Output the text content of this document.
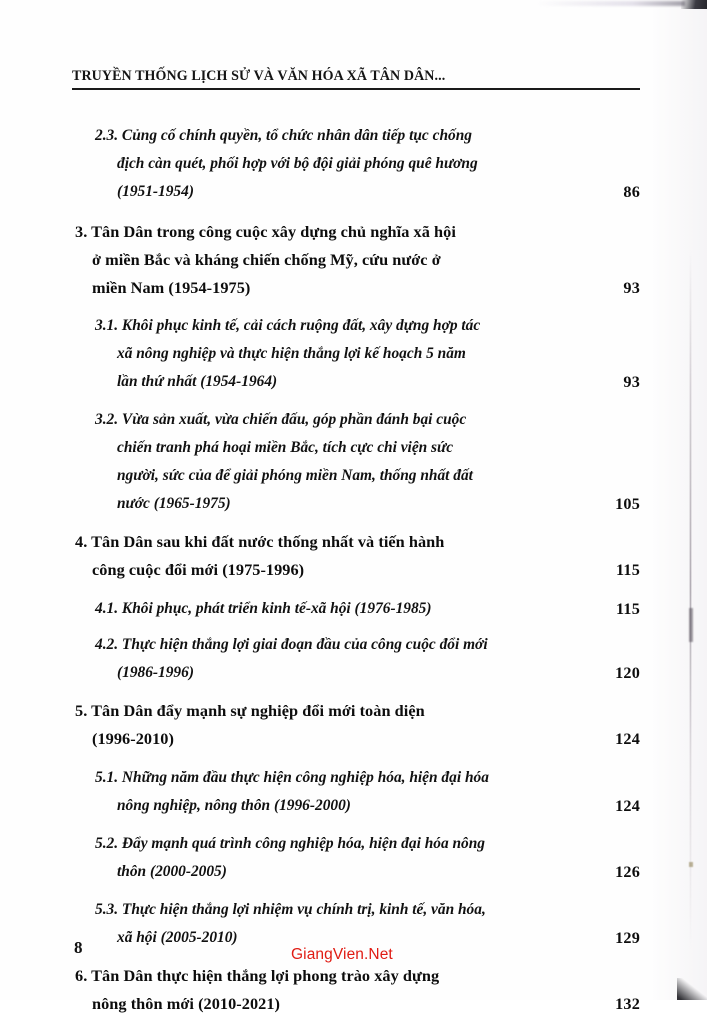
TRUYỀN THỐNG LỊCH SỬ VÀ VĂN HÓA XÃ TÂN DÂN...
2.3. Củng cố chính quyền, tổ chức nhân dân tiếp tục chống
địch càn quét, phối hợp với bộ đội giải phóng quê hương
(1951-1954)	86
3. Tân Dân trong công cuộc xây dựng chủ nghĩa xã hội
ở miền Bắc và kháng chiến chống Mỹ, cứu nước ở
miền Nam (1954-1975)	93
3.1. Khôi phục kinh tế, cải cách ruộng đất, xây dựng hợp tác
xã nông nghiệp và thực hiện thắng lợi kế hoạch 5 năm
lần thứ nhất (1954-1964)	93
3.2. Vừa sản xuất, vừa chiến đấu, góp phần đánh bại cuộc
chiến tranh phá hoại miền Bắc, tích cực chi viện sức
người, sức của để giải phóng miền Nam, thống nhất đất
nước (1965-1975)	105
4. Tân Dân sau khi đất nước thống nhất và tiến hành
công cuộc đổi mới (1975-1996)	115
4.1. Khôi phục, phát triển kinh tế-xã hội (1976-1985)	115
4.2. Thực hiện thắng lợi giai đoạn đầu của công cuộc đổi mới
(1986-1996)	120
5. Tân Dân đẩy mạnh sự nghiệp đổi mới toàn diện
(1996-2010)	124
5.1. Những năm đầu thực hiện công nghiệp hóa, hiện đại hóa
nông nghiệp, nông thôn (1996-2000)	124
5.2. Đẩy mạnh quá trình công nghiệp hóa, hiện đại hóa nông
thôn (2000-2005)	126
5.3. Thực hiện thắng lợi nhiệm vụ chính trị, kinh tế, văn hóa,
xã hội (2005-2010)	129
6. Tân Dân thực hiện thắng lợi phong trào xây dựng
nông thôn mới (2010-2021)	132
8	GiangVien.Net
